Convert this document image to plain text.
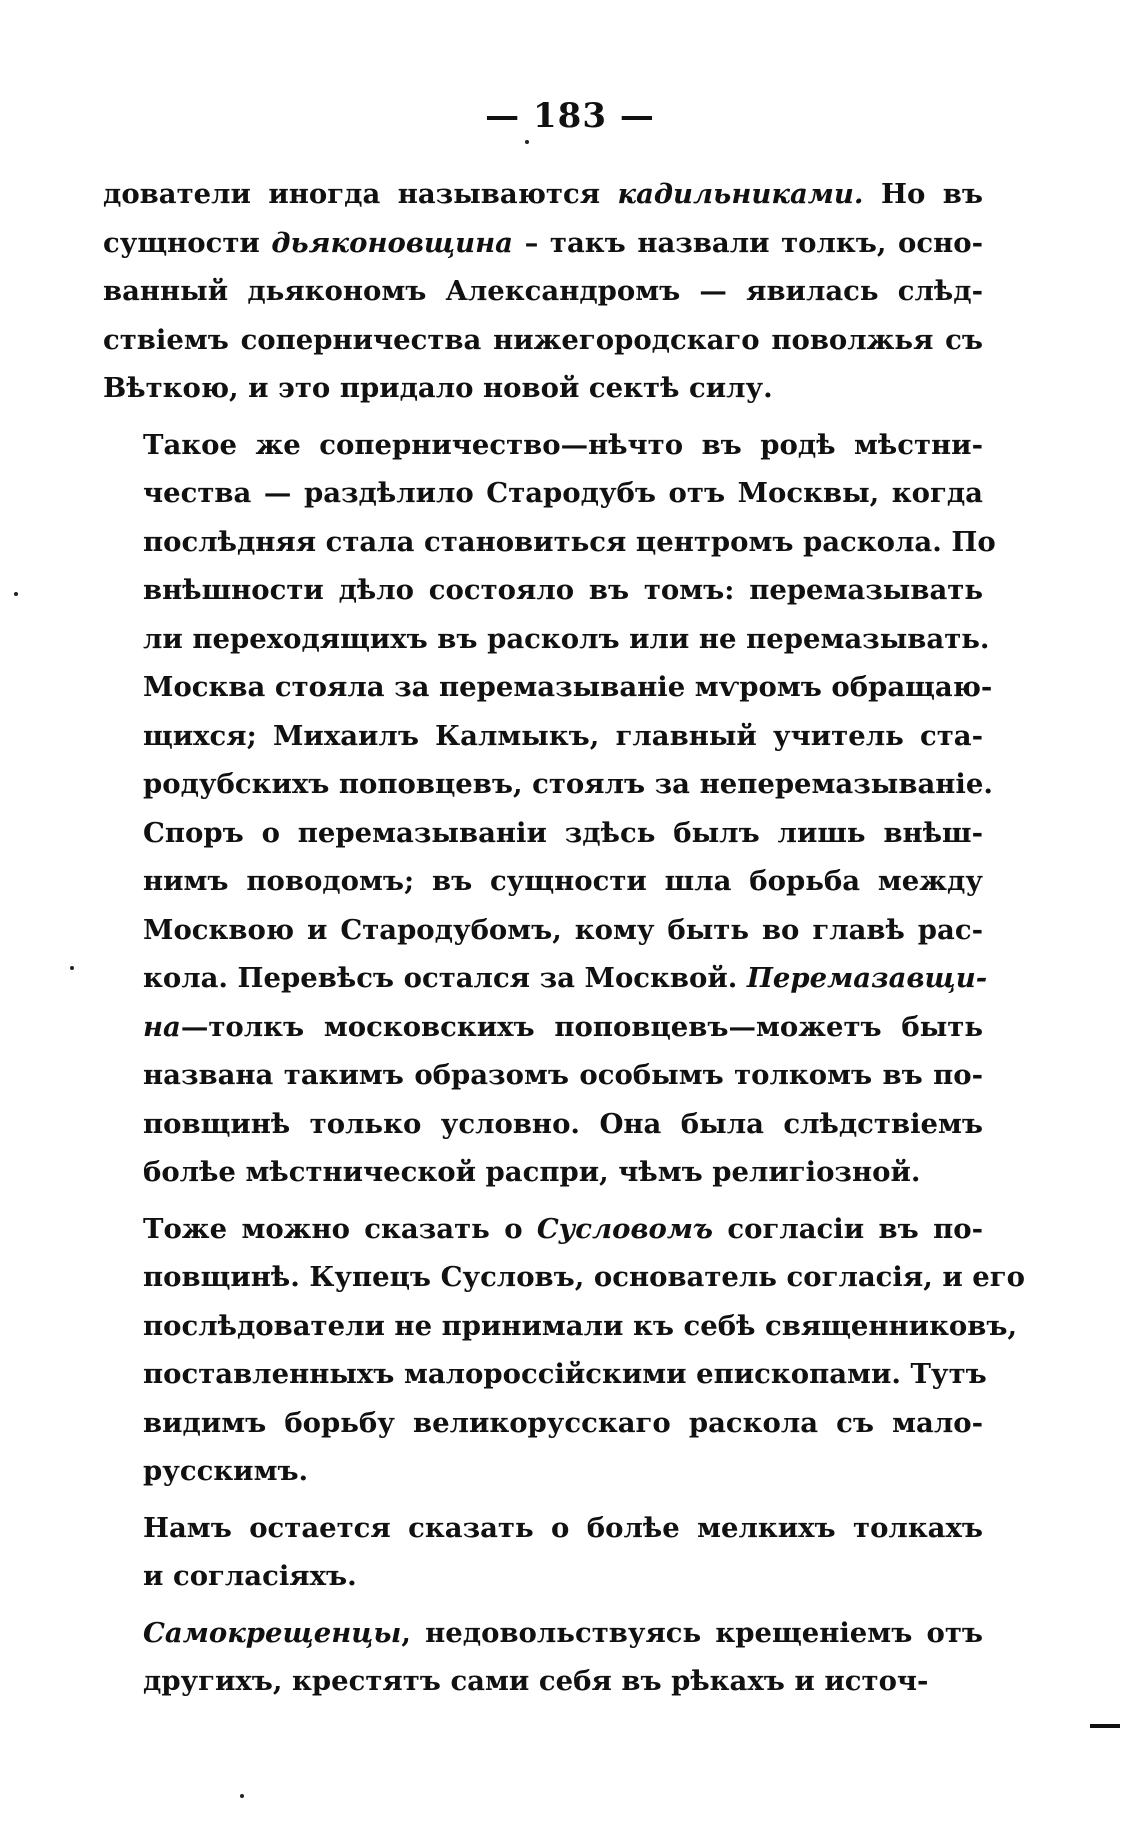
— 183 —
дователи иногда называются кадильниками. Но въ
сущности дьяконовщина – такъ назвали толкъ, осно-
ванный дьякономъ Александромъ — явилась слѣд-
ствіемъ соперничества нижегородскаго поволжья съ
Вѣткою, и это придало новой сектѣ силу.
Такое же соперничество—нѣчто въ родѣ мѣстни-
чества — раздѣлило Стародубъ отъ Москвы, когда
послѣдняя стала становиться центромъ раскола. По
внѣшности дѣло состояло въ томъ: перемазывать
ли переходящихъ въ расколъ или не перемазывать.
Москва стояла за перемазываніе мѵромъ обращаю-
щихся; Михаилъ Калмыкъ, главный учитель ста-
родубскихъ поповцевъ, стоялъ за неперемазываніе.
Споръ о перемазываніи здѣсь былъ лишь внѣш-
нимъ поводомъ; въ сущности шла борьба между
Москвою и Стародубомъ, кому быть во главѣ рас-
кола. Перевѣсъ остался за Москвой. Перемазавщи-
на—толкъ московскихъ поповцевъ—можетъ быть
названа такимъ образомъ особымъ толкомъ въ по-
повщинѣ только условно. Она была слѣдствіемъ
болѣе мѣстнической распри, чѣмъ религіозной.
Тоже можно сказать о Сусловомъ согласіи въ по-
повщинѣ. Купецъ Сусловъ, основатель согласія, и его
послѣдователи не принимали къ себѣ священниковъ,
поставленныхъ малороссійскими епископами. Тутъ
видимъ борьбу великорусскаго раскола съ мало-
русскимъ.
Намъ остается сказать о болѣе мелкихъ толкахъ
и согласіяхъ.
Самокрещенцы, недовольствуясь крещеніемъ отъ
другихъ, крестятъ сами себя въ рѣкахъ и источ-
